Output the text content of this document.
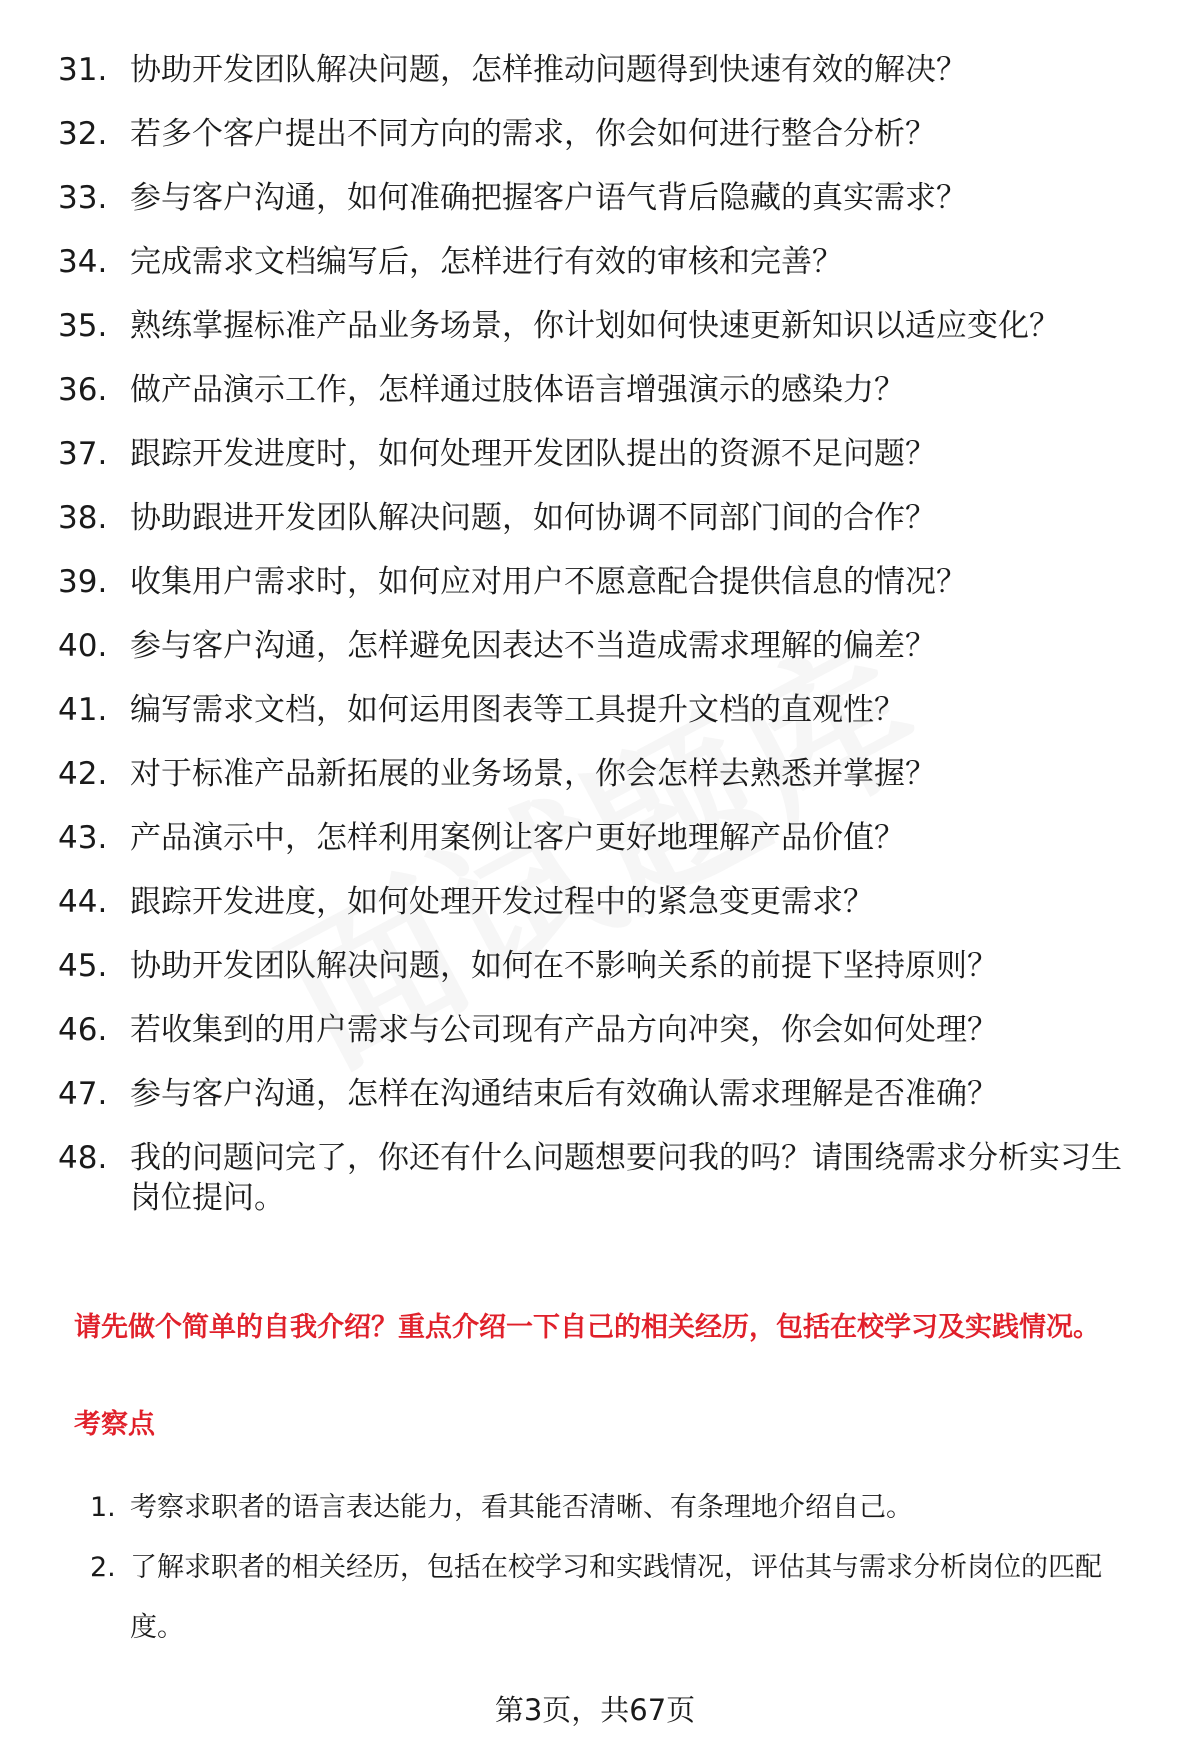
31. 协助开发团队解决问题，怎样推动问题得到快速有效的解决？
32. 若多个客户提出不同方向的需求，你会如何进行整合分析？
33. 参与客户沟通，如何准确把握客户语气背后隐藏的真实需求？
34. 完成需求文档编写后，怎样进行有效的审核和完善？
35. 熟练掌握标准产品业务场景，你计划如何快速更新知识以适应变化？
36. 做产品演示工作，怎样通过肢体语言增强演示的感染力？
37. 跟踪开发进度时，如何处理开发团队提出的资源不足问题？
38. 协助跟进开发团队解决问题，如何协调不同部门间的合作？
39. 收集用户需求时，如何应对用户不愿意配合提供信息的情况？
40. 参与客户沟通，怎样避免因表达不当造成需求理解的偏差？
41. 编写需求文档，如何运用图表等工具提升文档的直观性？
42. 对于标准产品新拓展的业务场景，你会怎样去熟悉并掌握？
43. 产品演示中，怎样利用案例让客户更好地理解产品价值？
44. 跟踪开发进度，如何处理开发过程中的紧急变更需求？
45. 协助开发团队解决问题，如何在不影响关系的前提下坚持原则？
46. 若收集到的用户需求与公司现有产品方向冲突，你会如何处理？
47. 参与客户沟通，怎样在沟通结束后有效确认需求理解是否准确？
48. 我的问题问完了，你还有什么问题想要问我的吗？请围绕需求分析实习生岗位提问。
请先做个简单的自我介绍？重点介绍一下自己的相关经历，包括在校学习及实践情况。
考察点
1. 考察求职者的语言表达能力，看其能否清晰、有条理地介绍自己。
2. 了解求职者的相关经历，包括在校学习和实践情况，评估其与需求分析岗位的匹配度。
第3页，共67页
